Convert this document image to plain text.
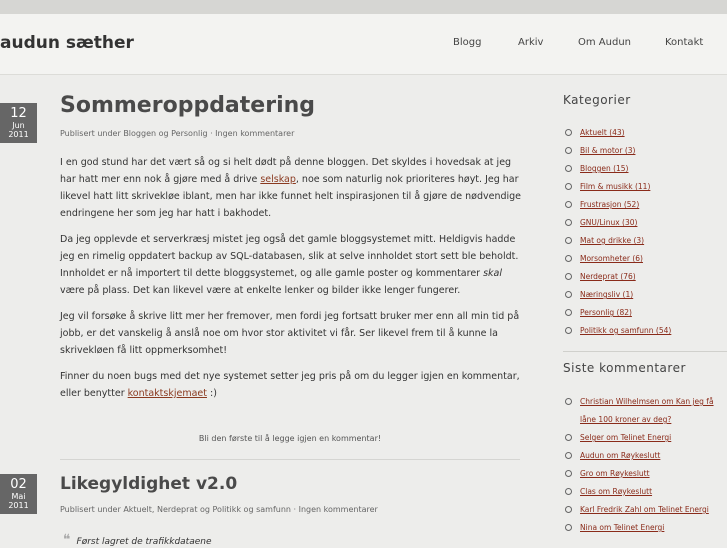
audun sæther	Blogg	Arkiv	Om Audun	Kontakt
12
Jun
2011
Sommeroppdatering
Publisert under Bloggen og Personlig · Ingen kommentarer

I en god stund har det vært så og si helt dødt på denne bloggen. Det skyldes i hovedsak at jeg har hatt mer enn nok å gjøre med å drive selskap, noe som naturlig nok prioriteres høyt. Jeg har likevel hatt litt skrivekløe iblant, men har ikke funnet helt inspirasjonen til å gjøre de nødvendige endringene her som jeg har hatt i bakhodet.

Da jeg opplevde et serverkræsj mistet jeg også det gamle bloggsystemet mitt. Heldigvis hadde jeg en rimelig oppdatert backup av SQL-databasen, slik at selve innholdet stort sett ble beholdt. Innholdet er nå importert til dette bloggsystemet, og alle gamle poster og kommentarer skal være på plass. Det kan likevel være at enkelte lenker og bilder ikke lenger fungerer.

Jeg vil forsøke å skrive litt mer her fremover, men fordi jeg fortsatt bruker mer enn all min tid på jobb, er det vanskelig å anslå noe om hvor stor aktivitet vi får. Ser likevel frem til å kunne la skrivekløen få litt oppmerksomhet!

Finner du noen bugs med det nye systemet setter jeg pris på om du legger igjen en kommentar, eller benytter kontaktskjemaet :)

Bli den første til å legge igjen en kommentar!
02
Mai
2011
Likegyldighet v2.0
Publisert under Aktuelt, Nerdeprat og Politikk og samfunn · Ingen kommentarer
❝ Først lagret de trafikkdataene
Kategorier
Aktuelt (43)
Bil & motor (3)
Bloggen (15)
Film & musikk (11)
Frustrasjon (52)
GNU/Linux (30)
Mat og drikke (3)
Morsomheter (6)
Nerdeprat (76)
Næringsliv (1)
Personlig (82)
Politikk og samfunn (54)
Siste kommentarer
Christian Wilhelmsen om Kan jeg få låne 100 kroner av deg?
Selger om Telinet Energi
Audun om Røykeslutt
Gro om Røykeslutt
Clas om Røykeslutt
Karl Fredrik Zahl om Telinet Energi
Nina om Telinet Energi
